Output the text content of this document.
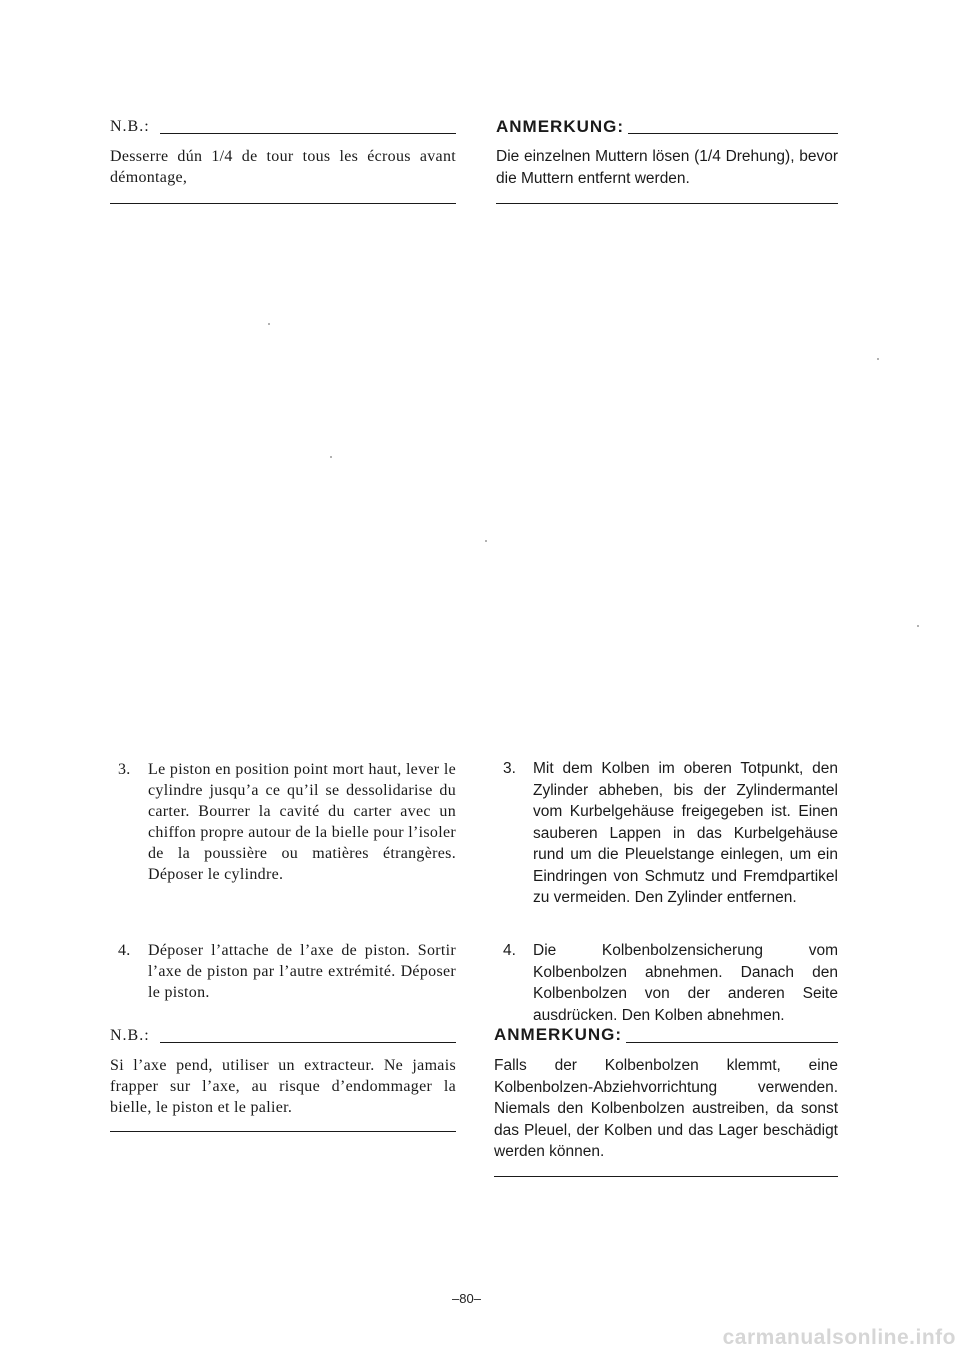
N.B.:
Desserre dún 1/4 de tour tous les écrous avant démontage,
3. Le piston en position point mort haut, lever le cylindre jusqu’a ce qu’il se dessolidarise du carter. Bourrer la cavité du carter avec un chiffon propre autour de la bielle pour l’isoler de la poussière ou matières étrangères. Déposer le cylindre.
4. Déposer l’attache de l’axe de piston. Sortir l’axe de piston par l’autre extrémité. Déposer le piston.
N.B.:
Si l’axe pend, utiliser un extracteur. Ne jamais frapper sur l’axe, au risque d’endommager la bielle, le piston et le palier.
ANMERKUNG:
Die einzelnen Muttern lösen (1/4 Drehung), bevor die Muttern entfernt werden.
3. Mit dem Kolben im oberen Totpunkt, den Zylinder abheben, bis der Zylindermantel vom Kurbelgehäuse freigegeben ist. Einen sauberen Lappen in das Kurbelgehäuse rund um die Pleuelstange einlegen, um ein Eindringen von Schmutz und Fremdpartikel zu vermeiden. Den Zylinder entfernen.
4. Die Kolbenbolzensicherung vom Kolbenbolzen abnehmen. Danach den Kolbenbolzen von der anderen Seite ausdrücken. Den Kolben abnehmen.
ANMERKUNG:
Falls der Kolbenbolzen klemmt, eine Kolbenbolzen-Abziehvorrichtung verwenden. Niemals den Kolbenbolzen austreiben, da sonst das Pleuel, der Kolben und das Lager beschädigt werden können.
–80–
carmanualsonline.info
